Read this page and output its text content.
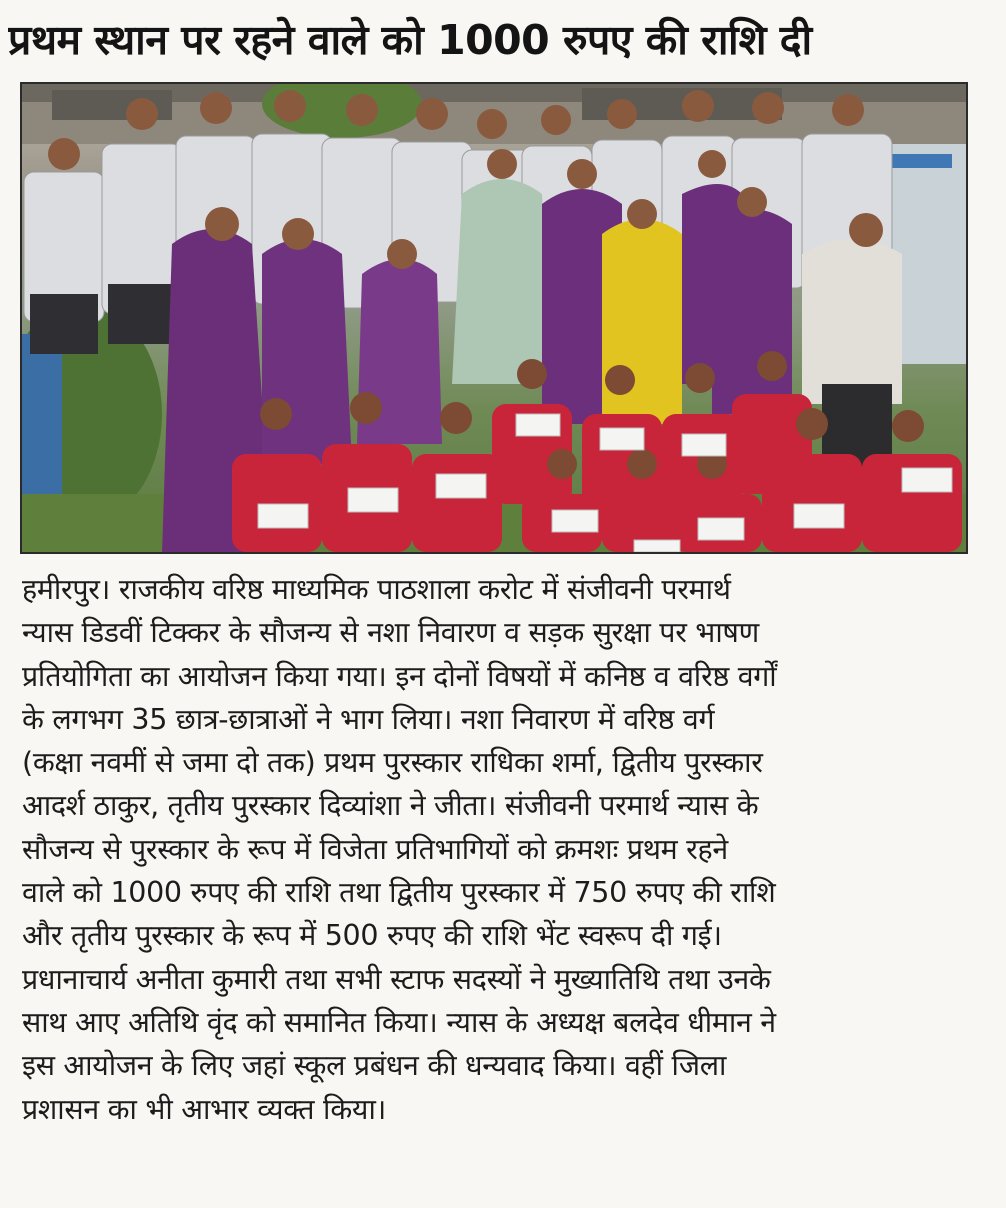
प्रथम स्थान पर रहने वाले को 1000 रुपए की राशि दी
हमीरपुर। राजकीय वरिष्ठ माध्यमिक पाठशाला करोट में संजीवनी परमार्थ
न्यास डिडवीं टिक्कर के सौजन्य से नशा निवारण व सड़क सुरक्षा पर भाषण
प्रतियोगिता का आयोजन किया गया। इन दोनों विषयों में कनिष्ठ व वरिष्ठ वर्गों
के लगभग 35 छात्र-छात्राओं ने भाग लिया। नशा निवारण में वरिष्ठ वर्ग
(कक्षा नवमीं से जमा दो तक) प्रथम पुरस्कार राधिका शर्मा, द्वितीय पुरस्कार
आदर्श ठाकुर, तृतीय पुरस्कार दिव्यांशा ने जीता। संजीवनी परमार्थ न्यास के
सौजन्य से पुरस्कार के रूप में विजेता प्रतिभागियों को क्रमशः प्रथम रहने
वाले को 1000 रुपए की राशि तथा द्वितीय पुरस्कार में 750 रुपए की राशि
और तृतीय पुरस्कार के रूप में 500 रुपए की राशि भेंट स्वरूप दी गई।
प्रधानाचार्य अनीता कुमारी तथा सभी स्टाफ सदस्यों ने मुख्यातिथि तथा उनके
साथ आए अतिथि वृंद को समानित किया। न्यास के अध्यक्ष बलदेव धीमान ने
इस आयोजन के लिए जहां स्कूल प्रबंधन की धन्यवाद किया। वहीं जिला
प्रशासन का भी आभार व्यक्त किया।
